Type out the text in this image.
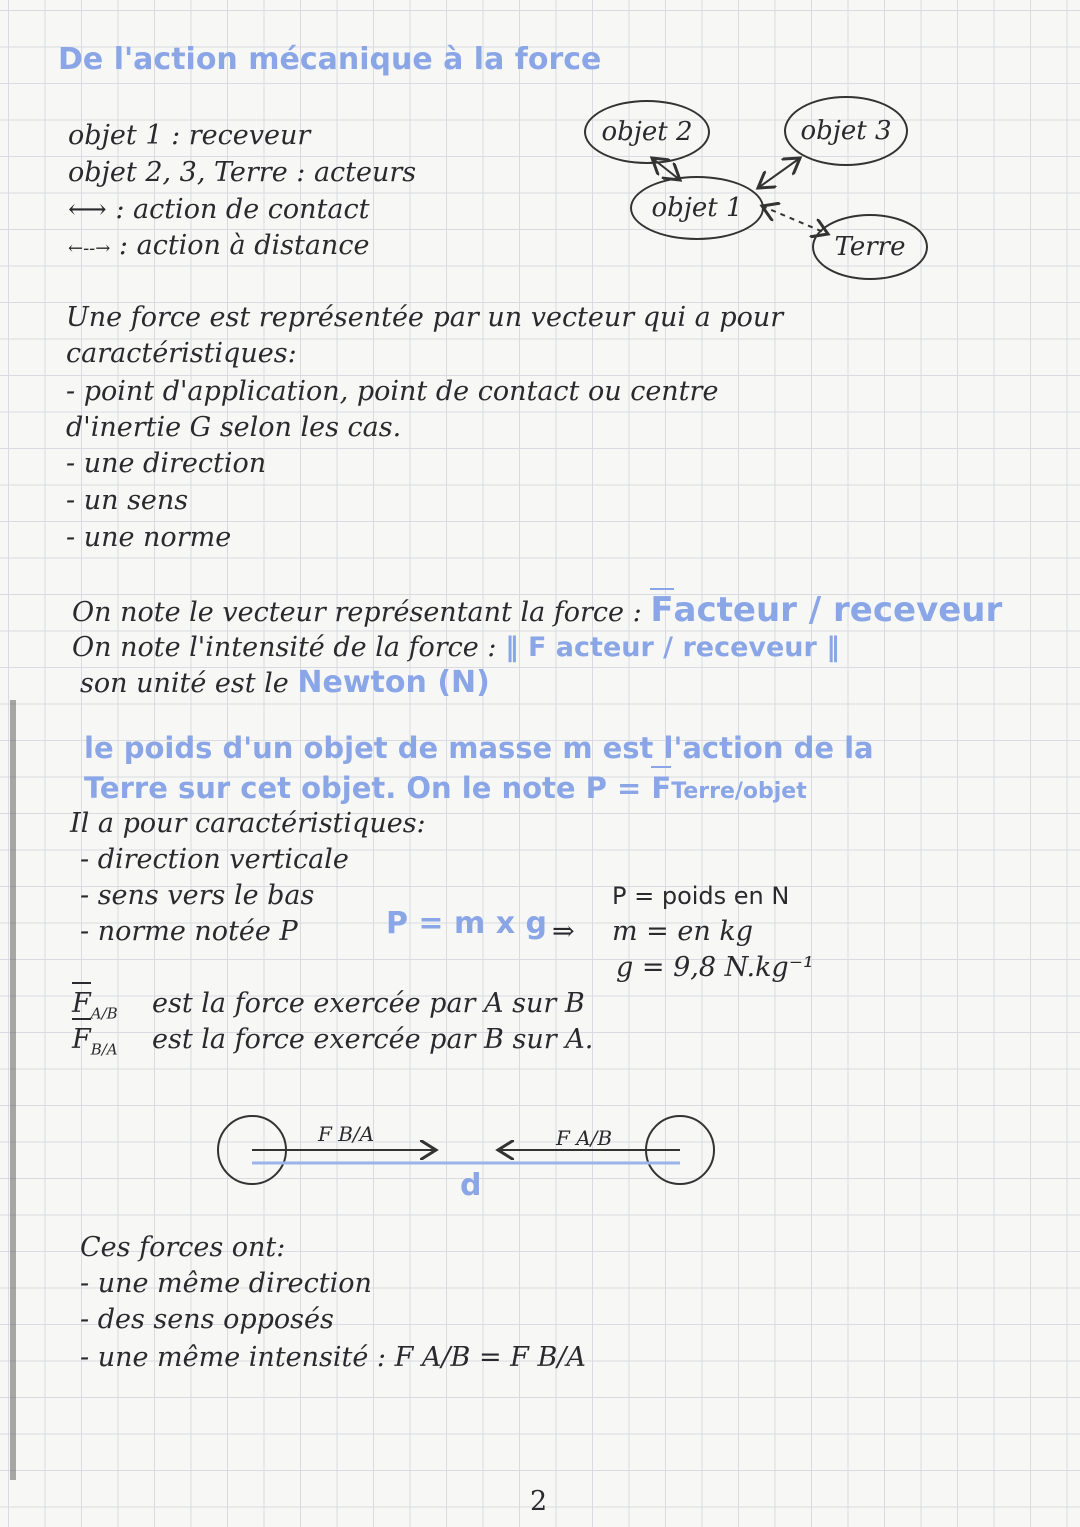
De l'action mécanique à la force
objet 1 : receveur
objet 2, 3, Terre : acteurs
⟷ : action de contact
←--→ : action à distance
objet 2	objet 3
objet 1
Terre
Une force est représentée par un vecteur qui a pour
caractéristiques:
- point d'application, point de contact ou centre
d'inertie G selon les cas.
- une direction
- un sens
- une norme
On note le vecteur représentant la force : Facteur / receveur
On note l'intensité de la force : ‖ F acteur / receveur ‖
son unité est le Newton (N)
le poids d'un objet de masse m est l'action de la
Terre sur cet objet. On le note P = FTerre/objet
Il a pour caractéristiques:
- direction verticale
- sens vers le bas
- norme notée P	P = m x g ⇒
P = poids en N
m = en kg
g = 9,8 N.kg⁻¹
$F_{A/B}$ est la force exercée par A sur B
$F_{B/A}$ est la force exercée par B sur A.
F B/A	F A/B
d
Ces forces ont:
- une même direction
- des sens opposés
- une même intensité : F A/B = F B/A
2
